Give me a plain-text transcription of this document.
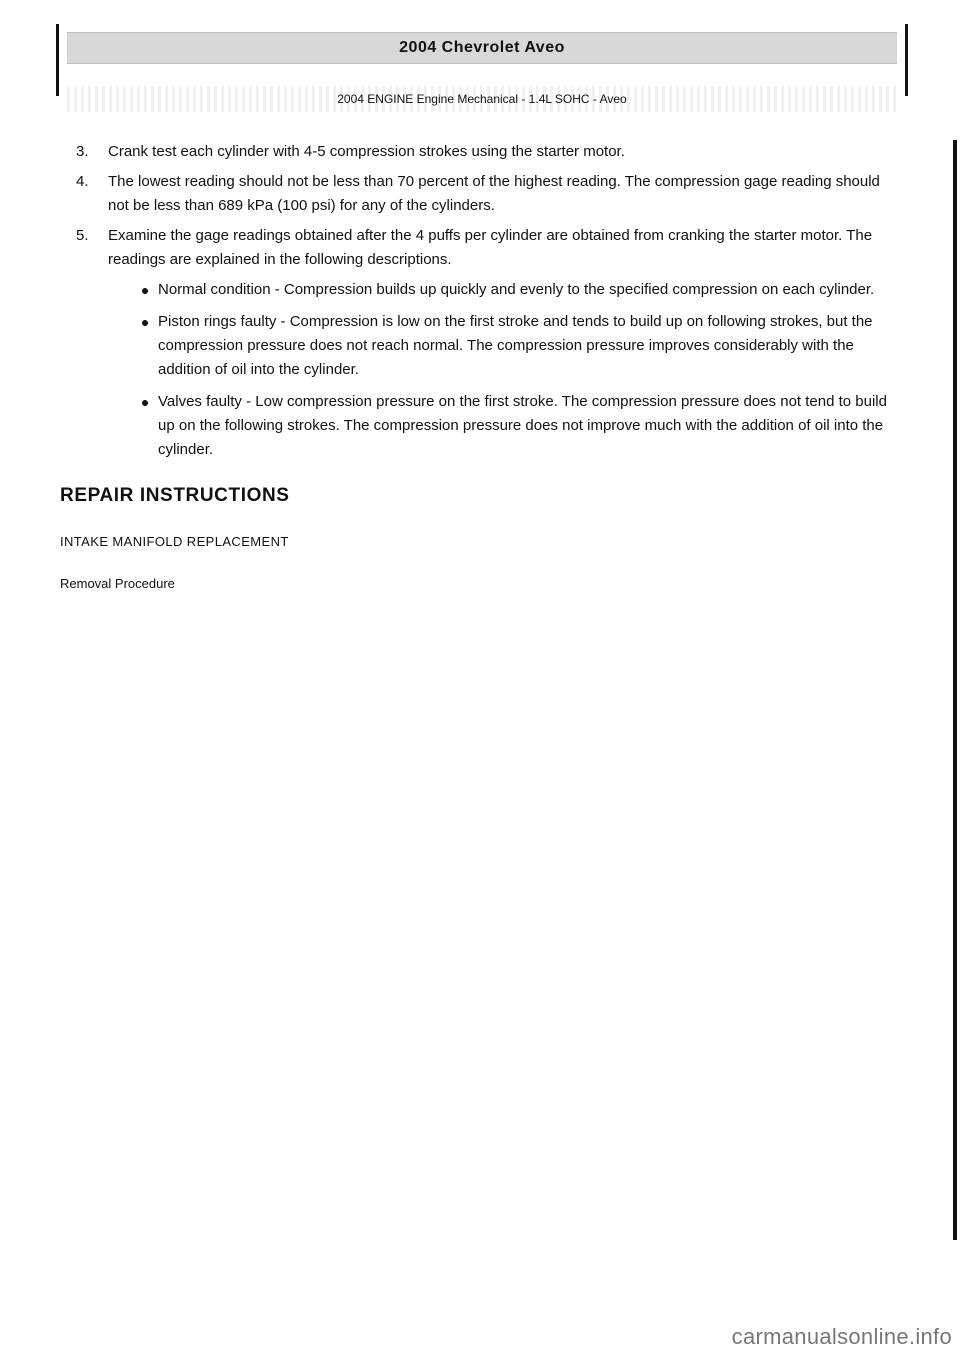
2004 Chevrolet Aveo
2004 ENGINE Engine Mechanical - 1.4L SOHC - Aveo
3. Crank test each cylinder with 4-5 compression strokes using the starter motor.
4. The lowest reading should not be less than 70 percent of the highest reading. The compression gage reading should not be less than 689 kPa (100 psi) for any of the cylinders.
5. Examine the gage readings obtained after the 4 puffs per cylinder are obtained from cranking the starter motor. The readings are explained in the following descriptions.
Normal condition - Compression builds up quickly and evenly to the specified compression on each cylinder.
Piston rings faulty - Compression is low on the first stroke and tends to build up on following strokes, but the compression pressure does not reach normal. The compression pressure improves considerably with the addition of oil into the cylinder.
Valves faulty - Low compression pressure on the first stroke. The compression pressure does not tend to build up on the following strokes. The compression pressure does not improve much with the addition of oil into the cylinder.
REPAIR INSTRUCTIONS
INTAKE MANIFOLD REPLACEMENT
Removal Procedure
carmanualsonline.info
